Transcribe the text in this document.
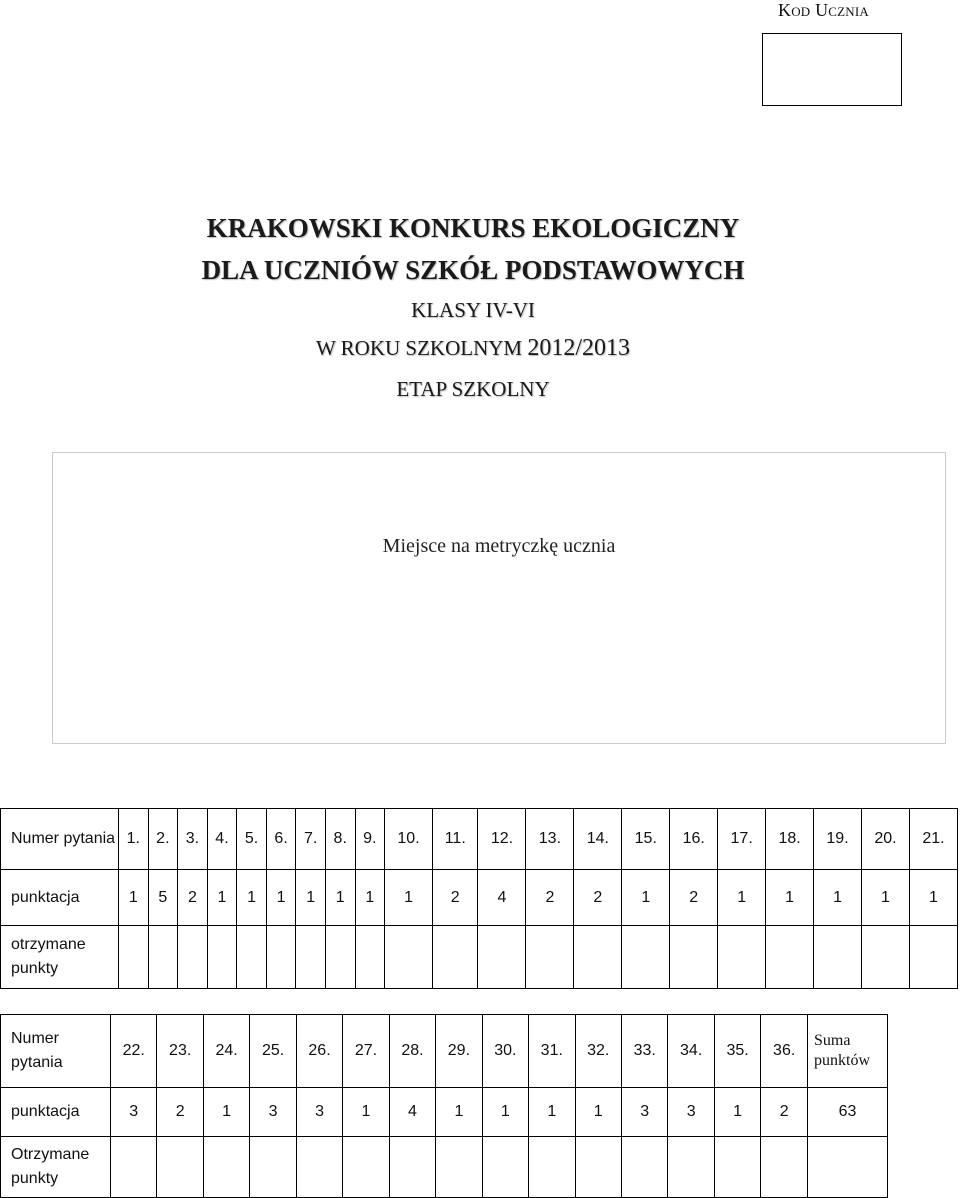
Kod Ucznia
KRAKOWSKI KONKURS EKOLOGICZNY
DLA UCZNIÓW SZKÓŁ PODSTAWOWYCH
KLASY IV-VI
W ROKU SZKOLNYM 2012/2013
ETAP SZKOLNY
Miejsce na metryczkę ucznia
Numer pytania	1.	2.	3.	4.	5.	6.	7.	8.	9.	10.	11.	12.	13.	14.	15.	16.	17.	18.	19.	20.	21.
punktacja	1	5	2	1	1	1	1	1	1	1	2	4	2	2	1	2	1	1	1	1	1
otrzymane punkty																					
Numer pytania	22.	23.	24.	25.	26.	27.	28.	29.	30.	31.	32.	33.	34.	35.	36.	Suma punktów
punktacja	3	2	1	3	3	1	4	1	1	1	1	3	3	1	2	63
Otrzymane punkty																
